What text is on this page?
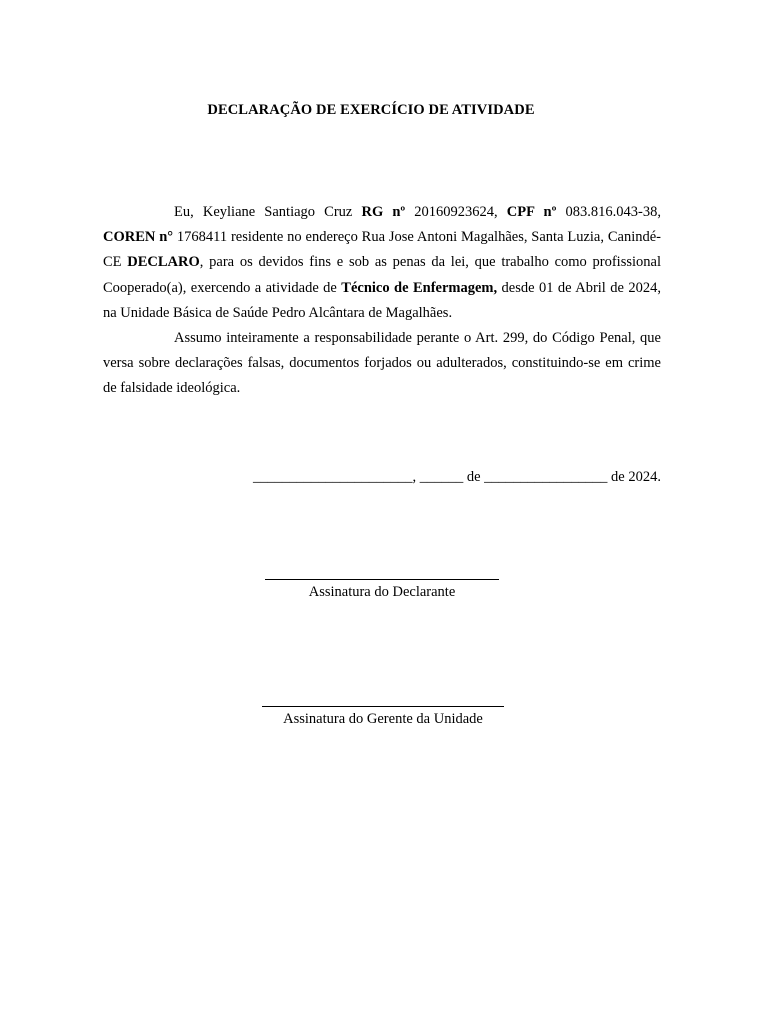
DECLARAÇÃO DE EXERCÍCIO DE ATIVIDADE

Eu, Keyliane Santiago Cruz RG nº 20160923624, CPF nº 083.816.043-38, COREN n° 1768411 residente no endereço Rua Jose Antoni Magalhães, Santa Luzia, Canindé-CE DECLARO, para os devidos fins e sob as penas da lei, que trabalho como profissional Cooperado(a), exercendo a atividade de Técnico de Enfermagem, desde 01 de Abril de 2024, na Unidade Básica de Saúde Pedro Alcântara de Magalhães.

Assumo inteiramente a responsabilidade perante o Art. 299, do Código Penal, que versa sobre declarações falsas, documentos forjados ou adulterados, constituindo-se em crime de falsidade ideológica.

______________________, ______ de _________________ de 2024.
Assinatura do Declarante
Assinatura do Gerente da Unidade
